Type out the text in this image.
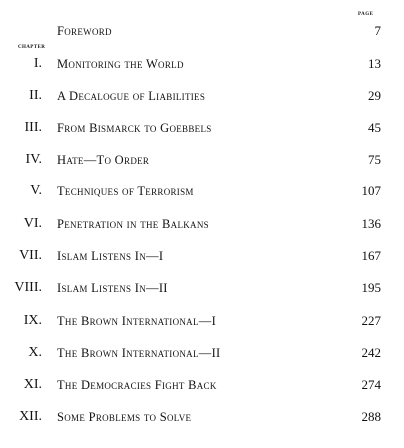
PAGE
Foreword	7
CHAPTER
I. Monitoring the World	13
II. A Decalogue of Liabilities	29
III. From Bismarck to Goebbels	45
IV. Hate—To Order	75
V. Techniques of Terrorism	107
VI. Penetration in the Balkans	136
VII. Islam Listens In—I	167
VIII. Islam Listens In—II	195
IX. The Brown International—I	227
X. The Brown International—II	242
XI. The Democracies Fight Back	274
XII. Some Problems to Solve	288
